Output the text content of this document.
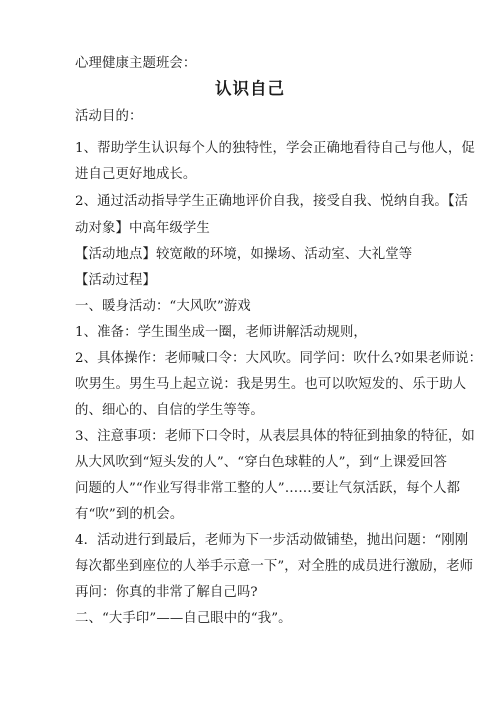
心理健康主题班会：
认识自己
活动目的：
1、帮助学生认识每个人的独特性，学会正确地看待自己与他人，促
进自己更好地成长。
2、通过活动指导学生正确地评价自我，接受自我、悦纳自我。【活
动对象】中高年级学生
【活动地点】较宽敞的环境，如操场、活动室、大礼堂等
【活动过程】
一、暖身活动：“大风吹”游戏
1、准备：学生围坐成一圈，老师讲解活动规则，
2、具体操作：老师喊口令：大风吹。同学问：吹什么?如果老师说：
吹男生。男生马上起立说：我是男生。也可以吹短发的、乐于助人
的、细心的、自信的学生等等。
3、注意事项：老师下口令时，从表层具体的特征到抽象的特征，如
从大风吹到“短头发的人”、“穿白色球鞋的人”，到“上课爱回答
问题的人”“作业写得非常工整的人”……要让气氛活跃，每个人都
有“吹”到的机会。
4．活动进行到最后，老师为下一步活动做铺垫，抛出问题：“刚刚
每次都坐到座位的人举手示意一下”，对全胜的成员进行激励，老师
再问：你真的非常了解自己吗?
二、“大手印”——自己眼中的“我”。
